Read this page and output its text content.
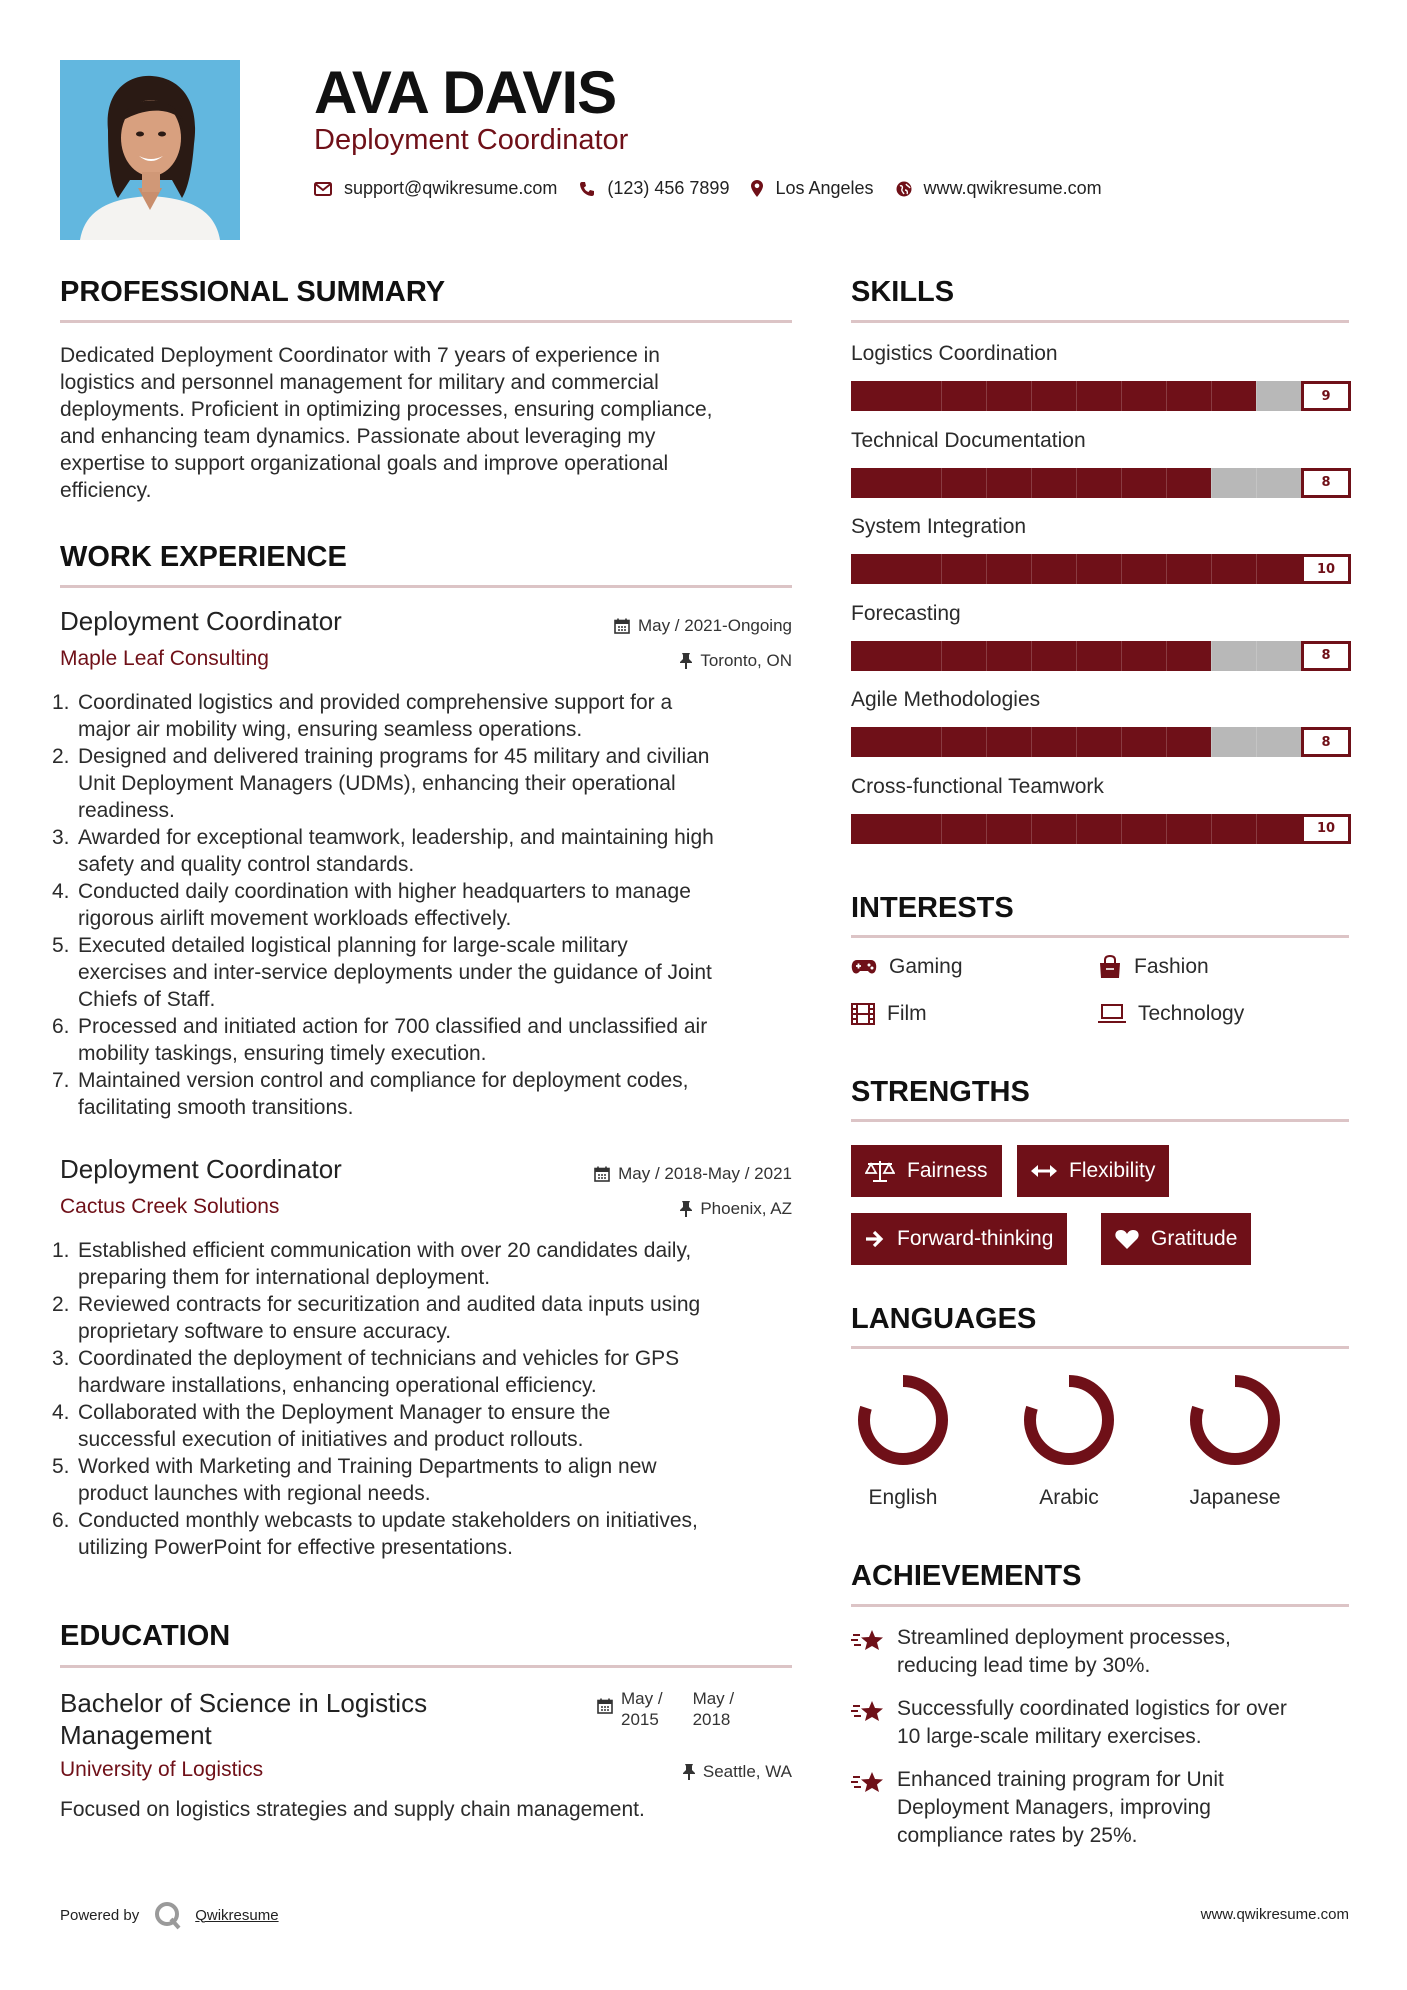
AVA DAVIS
Deployment Coordinator
support@qwikresume.com	(123) 456 7899	Los Angeles	www.qwikresume.com
PROFESSIONAL SUMMARY
Dedicated Deployment Coordinator with 7 years of experience in
logistics and personnel management for military and commercial
deployments. Proficient in optimizing processes, ensuring compliance,
and enhancing team dynamics. Passionate about leveraging my
expertise to support organizational goals and improve operational
efficiency.
WORK EXPERIENCE
Deployment Coordinator	May / 2021-Ongoing
Maple Leaf Consulting	Toronto, ON
1. Coordinated logistics and provided comprehensive support for a
major air mobility wing, ensuring seamless operations.
2. Designed and delivered training programs for 45 military and civilian
Unit Deployment Managers (UDMs), enhancing their operational
readiness.
3. Awarded for exceptional teamwork, leadership, and maintaining high
safety and quality control standards.
4. Conducted daily coordination with higher headquarters to manage
rigorous airlift movement workloads effectively.
5. Executed detailed logistical planning for large-scale military
exercises and inter-service deployments under the guidance of Joint
Chiefs of Staff.
6. Processed and initiated action for 700 classified and unclassified air
mobility taskings, ensuring timely execution.
7. Maintained version control and compliance for deployment codes,
facilitating smooth transitions.
Deployment Coordinator	May / 2018-May / 2021
Cactus Creek Solutions	Phoenix, AZ
1. Established efficient communication with over 20 candidates daily,
preparing them for international deployment.
2. Reviewed contracts for securitization and audited data inputs using
proprietary software to ensure accuracy.
3. Coordinated the deployment of technicians and vehicles for GPS
hardware installations, enhancing operational efficiency.
4. Collaborated with the Deployment Manager to ensure the
successful execution of initiatives and product rollouts.
5. Worked with Marketing and Training Departments to align new
product launches with regional needs.
6. Conducted monthly webcasts to update stakeholders on initiatives,
utilizing PowerPoint for effective presentations.
EDUCATION
Bachelor of Science in Logistics
Management
May /
2015
May /
2018
University of Logistics	Seattle, WA
Focused on logistics strategies and supply chain management.
SKILLS
Logistics Coordination
9
Technical Documentation
8
System Integration
10
Forecasting
8
Agile Methodologies
8
Cross-functional Teamwork
10
INTERESTS
Gaming	Fashion
Film	Technology
STRENGTHS
Fairness	Flexibility
Forward-thinking	Gratitude
LANGUAGES
English	Arabic	Japanese
ACHIEVEMENTS
Streamlined deployment processes,
reducing lead time by 30%.
Successfully coordinated logistics for over
10 large-scale military exercises.
Enhanced training program for Unit
Deployment Managers, improving
compliance rates by 25%.
Powered by	Qwikresume	www.qwikresume.com
